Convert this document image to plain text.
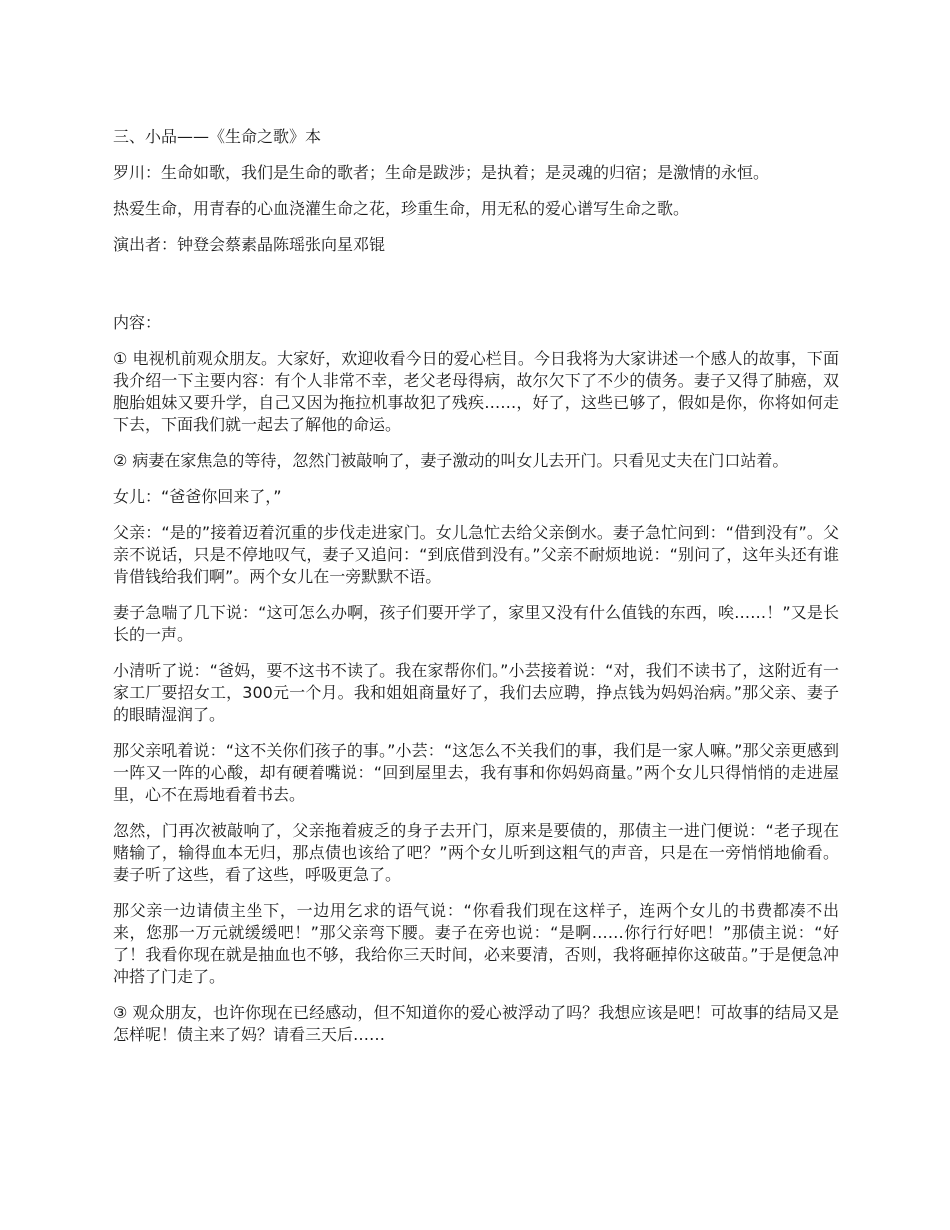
三、小品——《生命之歌》本

罗川：生命如歌，我们是生命的歌者；生命是跋涉；是执着；是灵魂的归宿；是激情的永恒。

热爱生命，用青春的心血浇灌生命之花，珍重生命，用无私的爱心谱写生命之歌。

演出者：钟登会蔡素晶陈瑶张向星邓锟

内容：

① 电视机前观众朋友。大家好，欢迎收看今日的爱心栏目。今日我将为大家讲述一个感人的故事，下面我介绍一下主要内容：有个人非常不幸，老父老母得病，故尔欠下了不少的债务。妻子又得了肺癌，双胞胎姐妹又要升学，自己又因为拖拉机事故犯了残疾……，好了，这些已够了，假如是你，你将如何走下去，下面我们就一起去了解他的命运。

② 病妻在家焦急的等待，忽然门被敲响了，妻子激动的叫女儿去开门。只看见丈夫在门口站着。

女儿：“爸爸你回来了，”

父亲：“是的”接着迈着沉重的步伐走进家门。女儿急忙去给父亲倒水。妻子急忙问到：“借到没有”。父亲不说话，只是不停地叹气，妻子又追问：“到底借到没有。”父亲不耐烦地说：“别问了，这年头还有谁肯借钱给我们啊”。两个女儿在一旁默默不语。

妻子急喘了几下说：“这可怎么办啊，孩子们要开学了，家里又没有什么值钱的东西，唉……！”又是长长的一声。

小清听了说：“爸妈，要不这书不读了。我在家帮你们。”小芸接着说：“对，我们不读书了，这附近有一家工厂要招女工，300元一个月。我和姐姐商量好了，我们去应聘，挣点钱为妈妈治病。”那父亲、妻子的眼睛湿润了。

那父亲吼着说：“这不关你们孩子的事。”小芸：“这怎么不关我们的事，我们是一家人嘛。”那父亲更感到一阵又一阵的心酸，却有硬着嘴说：“回到屋里去，我有事和你妈妈商量。”两个女儿只得悄悄的走进屋里，心不在焉地看着书去。

忽然，门再次被敲响了，父亲拖着疲乏的身子去开门，原来是要债的，那债主一进门便说：“老子现在赌输了，输得血本无归，那点债也该给了吧？”两个女儿听到这粗气的声音，只是在一旁悄悄地偷看。妻子听了这些，看了这些，呼吸更急了。

那父亲一边请债主坐下，一边用乞求的语气说：“你看我们现在这样子，连两个女儿的书费都凑不出来，您那一万元就缓缓吧！”那父亲弯下腰。妻子在旁也说：“是啊……你行行好吧！”那债主说：“好了！我看你现在就是抽血也不够，我给你三天时间，必来要清，否则，我将砸掉你这破苗。”于是便急冲冲搭了门走了。

③ 观众朋友，也许你现在已经感动，但不知道你的爱心被浮动了吗？我想应该是吧！可故事的结局又是怎样呢！债主来了妈？请看三天后……
